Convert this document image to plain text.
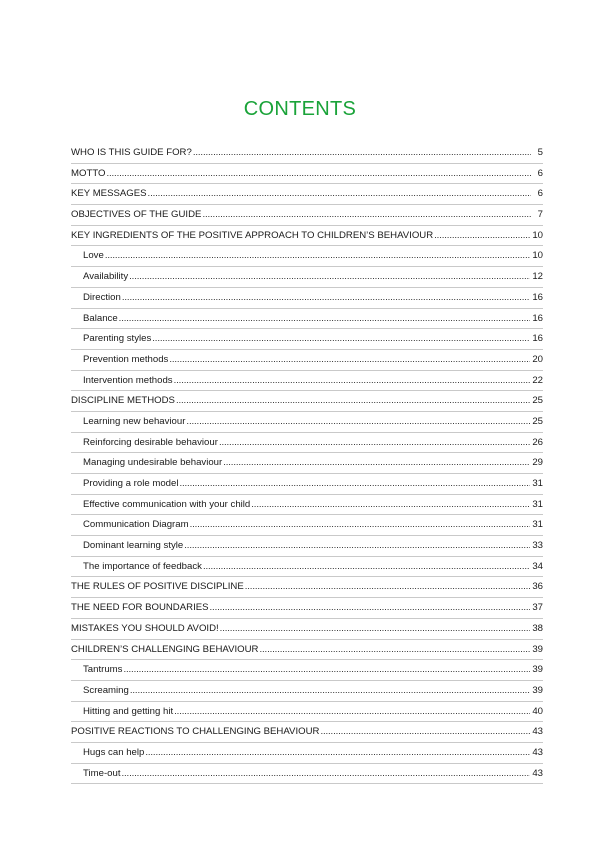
CONTENTS
WHO IS THIS GUIDE FOR? . . .	5
MOTTO . . .	6
KEY MESSAGES . . .	6
OBJECTIVES OF THE GUIDE . . .	7
KEY INGREDIENTS OF THE POSITIVE APPROACH TO CHILDREN’S BEHAVIOUR . . .	10
Love . . .	10
Availability . . .	12
Direction . . .	16
Balance . . .	16
Parenting styles . . .	16
Prevention methods . . .	20
Intervention methods . . .	22
DISCIPLINE METHODS . . .	25
Learning new behaviour . . .	25
Reinforcing desirable behaviour . . .	26
Managing undesirable behaviour . . .	29
Providing a role model . . .	31
Effective communication with your child . . .	31
Communication Diagram . . .	31
Dominant learning style . . .	33
The importance of feedback . . .	34
THE RULES OF POSITIVE DISCIPLINE . . .	36
THE NEED FOR BOUNDARIES . . .	37
MISTAKES YOU SHOULD AVOID! . . .	38
CHILDREN’S CHALLENGING BEHAVIOUR . . .	39
Tantrums . . .	39
Screaming . . .	39
Hitting and getting hit . . .	40
POSITIVE REACTIONS TO CHALLENGING BEHAVIOUR . . .	43
Hugs can help . . .	43
Time-out . . .	43
